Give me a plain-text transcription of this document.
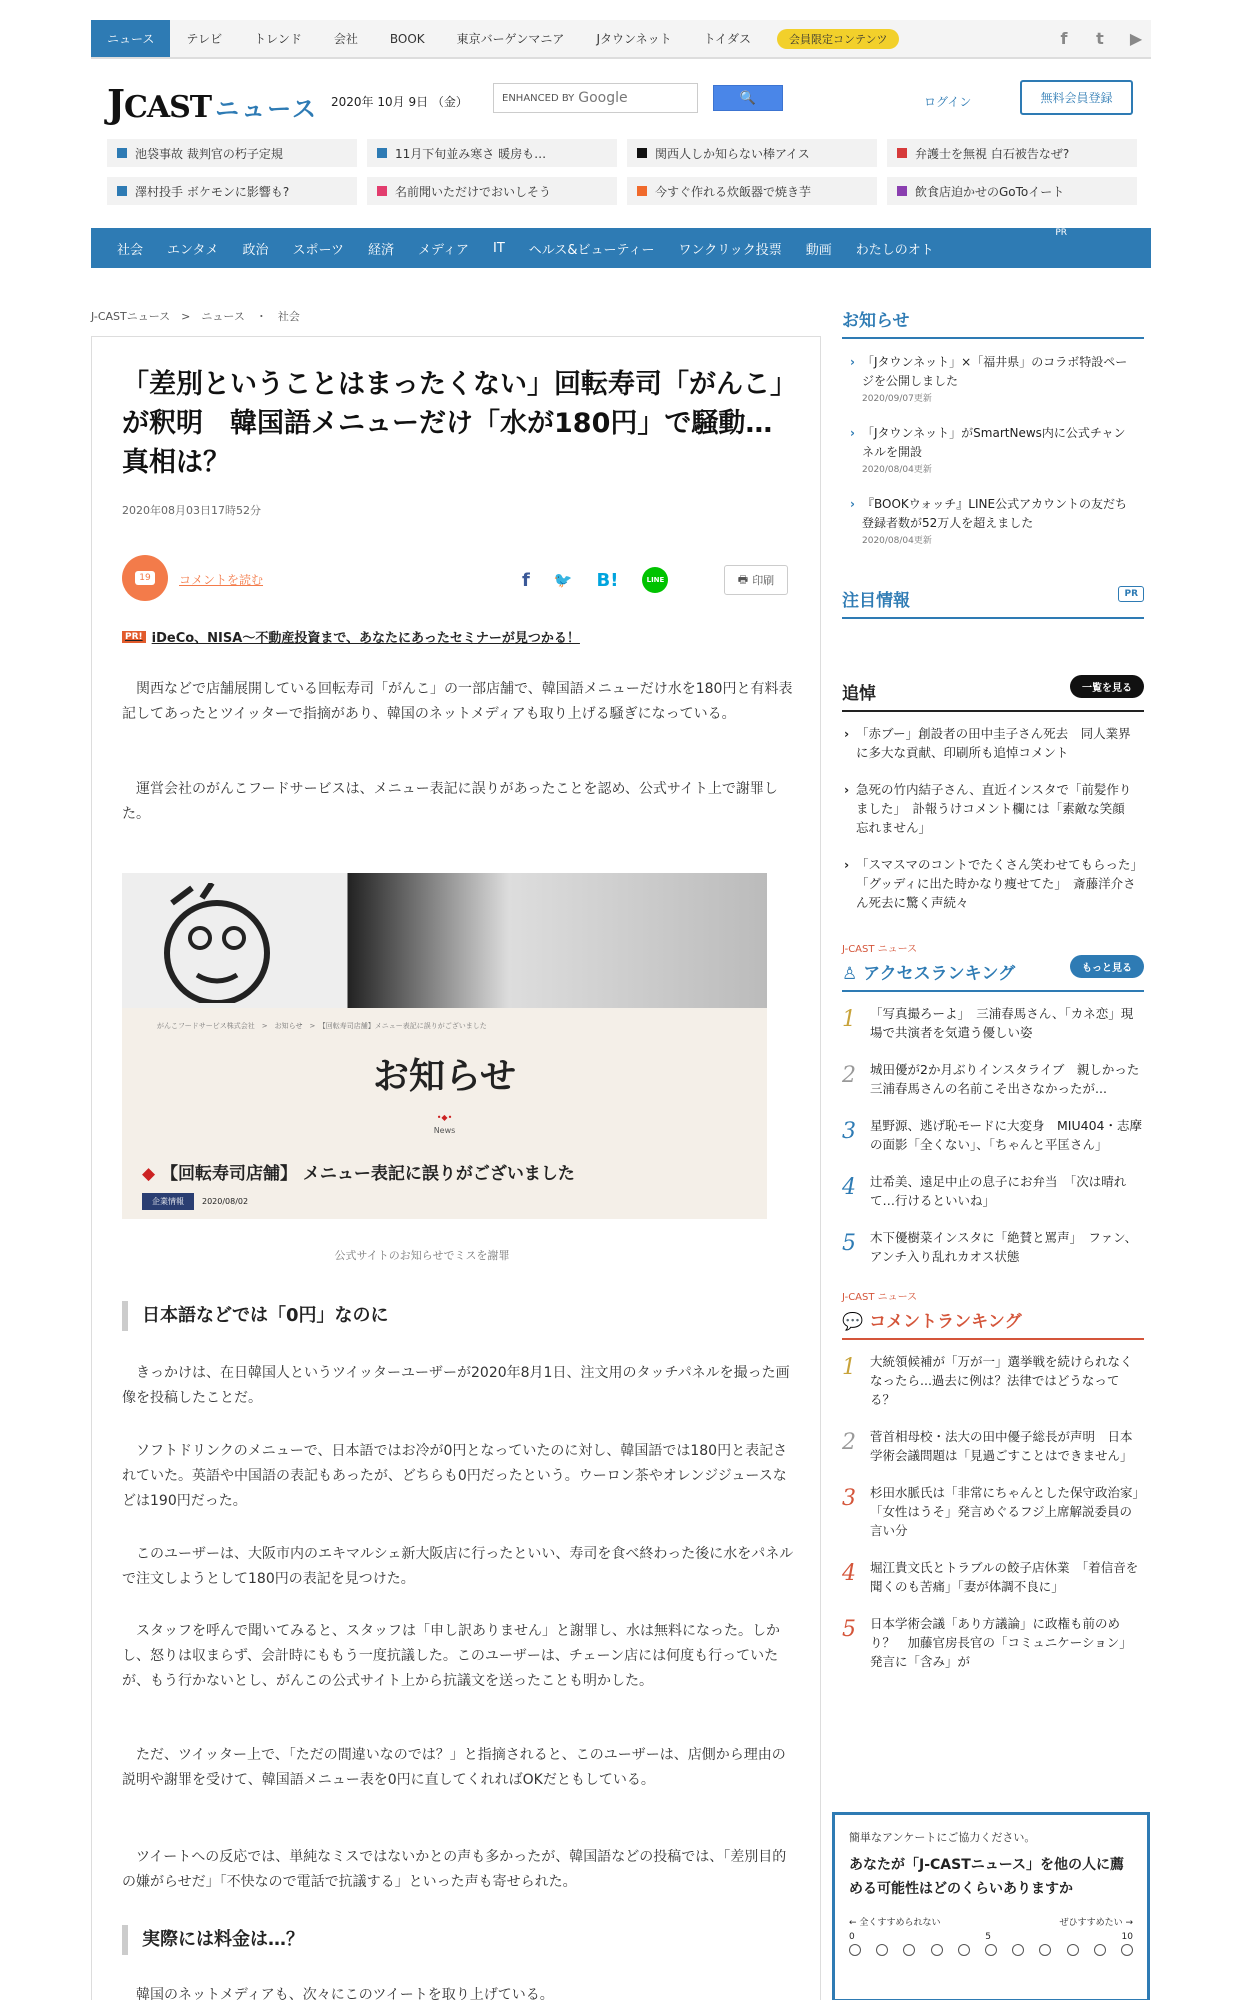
ニュース	テレビ	トレンド	会社	BOOK	東京バーゲンマニア	Jタウンネット	トイダス	会員限定コンテンツ	f	t	▶
JCAST ニュース 2020年 10月 9日 （金）	ENHANCED BY Google	🔍	ログイン	無料会員登録
池袋事故 裁判官の朽子定規	11月下旬並み寒さ 暖房も…	関西人しか知らない棒アイス	弁護士を無視 白石被告なぜ?
澤村投手 ボケモンに影響も?	名前聞いただけでおいしそう	今すぐ作れる炊飯器で焼き芋	飲食店迫かせのGoToイート
社会	エンタメ	政治	スポーツ	経済	メディア	IT	ヘルス&ビューティー	ワンクリック投票	動画	わたしのオト
PR
J-CASTニュース　>　ニュース　・　社会
「差別ということはまったくない」回転寿司「がんこ」が釈明　韓国語メニューだけ「水が180円」で騒動…真相は？
2020年08月03日17時52分
19	コメントを読む	f 🐦 B!	LINE	🖶 印刷
PR! iDeCo、NISA～不動産投資まで、あなたにあったセミナーが見つかる！

関西などで店舗展開している回転寿司「がんこ」の一部店舗で、韓国語メニューだけ水を180円と有料表記してあったとツイッターで指摘があり、韓国のネットメディアも取り上げる騒ぎになっている。

運営会社のがんこフードサービスは、メニュー表記に誤りがあったことを認め、公式サイト上で謝罪した。

がんこフードサービス株式会社　>　お知らせ　>　【回転寿司店舗】メニュー表記に誤りがございました
お知らせ
•◆•
News
◆ 【回転寿司店舗】 メニュー表記に誤りがございました
企業情報	2020/08/02
公式サイトのお知らせでミスを謝罪
日本語などでは「0円」なのに

きっかけは、在日韓国人というツイッターユーザーが2020年8月1日、注文用のタッチパネルを撮った画像を投稿したことだ。

ソフトドリンクのメニューで、日本語ではお冷が0円となっていたのに対し、韓国語では180円と表記されていた。英語や中国語の表記もあったが、どちらも0円だったという。ウーロン茶やオレンジジュースなどは190円だった。

このユーザーは、大阪市内のエキマルシェ新大阪店に行ったといい、寿司を食べ終わった後に水をパネルで注文しようとして180円の表記を見つけた。

スタッフを呼んで聞いてみると、スタッフは「申し訳ありません」と謝罪し、水は無料になった。しかし、怒りは収まらず、会計時にももう一度抗議した。このユーザーは、チェーン店には何度も行っていたが、もう行かないとし、がんこの公式サイト上から抗議文を送ったことも明かした。

ただ、ツイッター上で、「ただの間違いなのでは？」と指摘されると、このユーザーは、店側から理由の説明や謝罪を受けて、韓国語メニュー表を0円に直してくれればOKだともしている。

ツイートへの反応では、単純なミスではないかとの声も多かったが、韓国語などの投稿では、「差別目的の嫌がらせだ」「不快なので電話で抗議する」といった声も寄せられた。

実際には料金は…？

韓国のネットメディアも、次々にこのツイートを取り上げている。

お知らせ
› 「Jタウンネット」×「福井県」のコラボ特設ページを公開しました
2020/09/07更新
› 「Jタウンネット」がSmartNews内に公式チャンネルを開設
2020/08/04更新
› 『BOOKウォッチ』LINE公式アカウントの友だち登録者数が52万人を超えました
2020/08/04更新
注目情報	PR
追悼	一覧を見る
› 「赤ブー」創設者の田中圭子さん死去　同人業界に多大な貢献、印刷所も追悼コメント
› 急死の竹内結子さん、直近インスタで「前髪作りました」　訃報うけコメント欄には「素敵な笑顔 忘れません」
› 「スマスマのコントでたくさん笑わせてもらった」「グッディに出た時かなり痩せてた」　斎藤洋介さん死去に驚く声続々
J-CAST ニュース
♙ アクセスランキング	もっと見る
1 「写真撮ろーよ」　三浦春馬さん、「カネ恋」現場で共演者を気遣う優しい姿
2 城田優が2か月ぶりインスタライブ　親しかった三浦春馬さんの名前こそ出さなかったが...
3 星野源、逃げ恥モードに大変身　MIU404・志摩の面影「全くない」、「ちゃんと平匡さん」
4 辻希美、遠足中止の息子にお弁当　「次は晴れて…行けるといいね」
5 木下優樹菜インスタに「絶賛と罵声」　ファン、アンチ入り乱れカオス状態
J-CAST ニュース
💬 コメントランキング
1 大統領候補が「万が一」選挙戦を続けられなくなったら...過去に例は？法律ではどうなってる？
2 菅首相母校・法大の田中優子総長が声明　日本学術会議問題は「見過ごすことはできません」
3 杉田水脈氏は「非常にちゃんとした保守政治家」「女性はうそ」発言めぐるフジ上席解説委員の言い分
4 堀江貴文氏とトラブルの餃子店休業　「着信音を聞くのも苦痛」「妻が体調不良に」
5 日本学術会議「あり方議論」に政権も前のめり？　加藤官房長官の「コミュニケーション」発言に「含み」が
簡単なアンケートにご協力ください。
あなたが「J-CASTニュース」を他の人に薦める可能性はどのくらいありますか
← 全くすすめられない	ぜひすすめたい →
0	5	10
